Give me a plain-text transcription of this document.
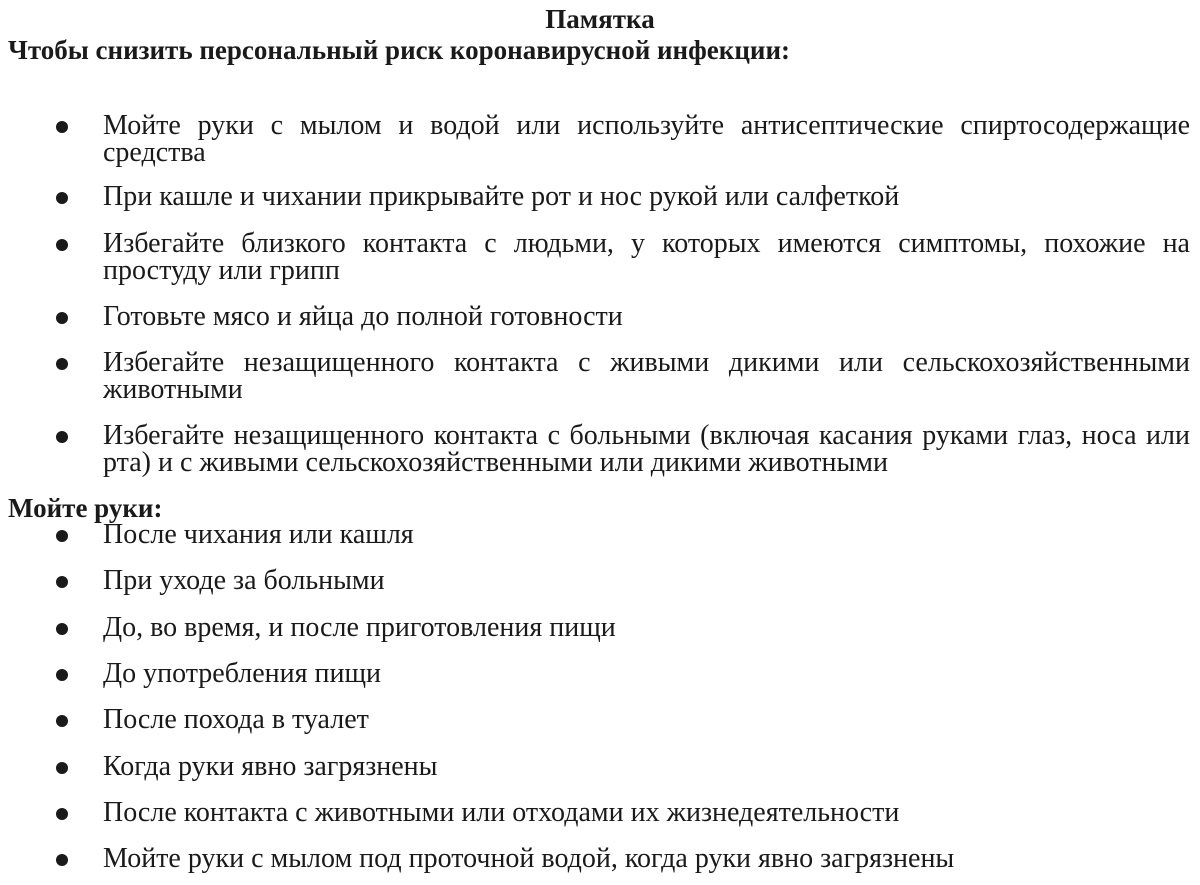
Памятка
Чтобы снизить персональный риск коронавирусной инфекции:
Мойте руки с мылом и водой или используйте антисептические спиртосодержащие средства
При кашле и чихании прикрывайте рот и нос рукой или салфеткой
Избегайте близкого контакта с людьми, у которых имеются симптомы, похожие на простуду или грипп
Готовьте мясо и яйца до полной готовности
Избегайте незащищенного контакта с живыми дикими или сельскохозяйственными животными
Избегайте незащищенного контакта с больными (включая касания руками глаз, носа или рта) и с живыми сельскохозяйственными или дикими животными
Мойте руки:
После чихания или кашля
При уходе за больными
До, во время, и после приготовления пищи
До употребления пищи
После похода в туалет
Когда руки явно загрязнены
После контакта с животными или отходами их жизнедеятельности
Мойте руки с мылом под проточной водой, когда руки явно загрязнены
